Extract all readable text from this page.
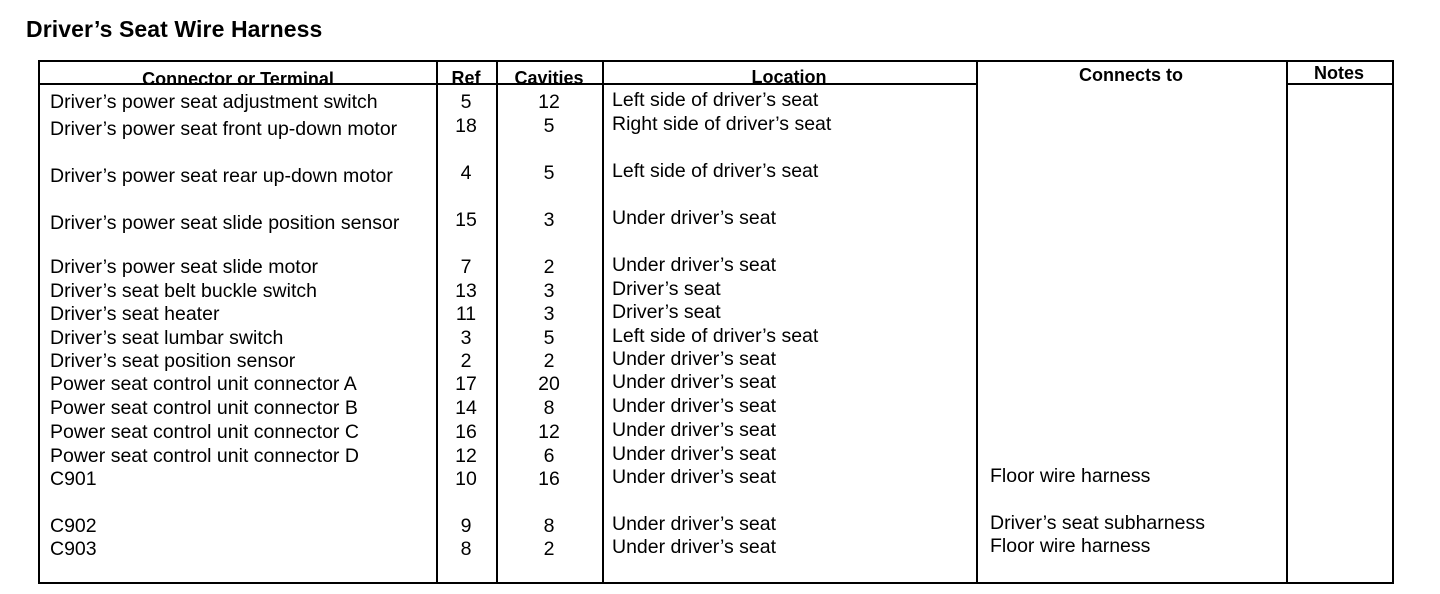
Driver’s Seat Wire Harness
Connector or Terminal	Ref	Cavities	Location	Connects to	Notes
Driver’s power seat adjustment switch	5	12	Left side of driver’s seat
Driver’s power seat front up-down motor	18	5	Right side of driver’s seat
Driver’s power seat rear up-down motor	4	5	Left side of driver’s seat
Driver’s power seat slide position sensor	15	3	Under driver’s seat
Driver’s power seat slide motor	7	2	Under driver’s seat
Driver’s seat belt buckle switch	13	3	Driver’s seat
Driver’s seat heater	11	3	Driver’s seat
Driver’s seat lumbar switch	3	5	Left side of driver’s seat
Driver’s seat position sensor	2	2	Under driver’s seat
Power seat control unit connector A	17	20	Under driver’s seat
Power seat control unit connector B	14	8	Under driver’s seat
Power seat control unit connector C	16	12	Under driver’s seat
Power seat control unit connector D	12	6	Under driver’s seat
C901	10	16	Under driver’s seat	Floor wire harness
C902	9	8	Under driver’s seat	Driver’s seat subharness
C903	8	2	Under driver’s seat	Floor wire harness
